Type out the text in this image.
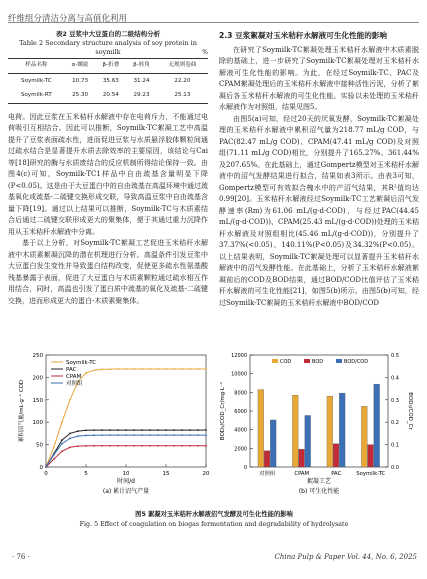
纤维组分清洁分离与高值化利用
表2 豆浆中大豆蛋白的二级结构分析
Table 2 Secondary structure analysis of soy protein in soymilk	%
样品名称	α-螺旋	β-折叠	β-转角	无规则卷曲
Soymilk-TC	10.73	35.63	31.24	22.20
Soymilk-RT	25.30	20.54	29.23	25.13

电荷。因此豆浆在玉米秸秆水解液中存在电荷斥力，不能通过电荷吸引互相结合。因此可以推断，Soymilk-TC絮凝工艺中高温提升了豆浆表面疏水性，进而促进豆浆与水质悬浮胶体颗粒间通过疏水结合是显著提升水质去除效率的主要原因，该结论与Cai等[18]研究的酶与水质废结合的反应机制所得结论保持一致。由图4(c)可知，Soymilk-TC1样品中自由巯基含量明显下降(P<0.05)。这是由于大豆蛋白中的自由巯基在高温环境中通过巯基氧化或巯基-二硫键交换形成交联，导致高温豆浆中自由巯基含量下降[19]。通过以上结果可以推断，Soymilk-TC与木质素结合后通过二硫键交联形成更大的聚集体，便于其通过重力沉降作用从玉米秸秆水解液中分离。

基于以上分析，对Soymilk-TC絮凝工艺促进玉米秸秆水解液中木质素絮凝沉降的潜在机理进行分析。高温条件引发豆浆中大豆蛋白发生变性并导致蛋白结构改变，促使更多疏水性氨基酸残基暴露于表面，促进了大豆蛋白与木质素颗粒通过疏水相互作用结合，同时，高温也引发了蛋白质中巯基的氧化及巯基-二硫键交换，进而形成更大的蛋白-木质素聚集体。

2.3 豆浆絮凝对玉米秸秆水解液可生化性能的影响

在研究了Soymilk-TC絮凝处理玉米秸秆水解液中木质素脱除的基础上，进一步研究了Soymilk-TC絮凝处理对玉米秸秆水解液可生化性能的影响。为此，在经过Soymilk-TC、PAC及CPAM絮凝处理后的玉米秸秆水解液中接种活性污泥，分析了絮凝后各玉米秸秆水解液的可生化性能。实验以未处理的玉米秸秆水解液作为对照组，结果见图5。

由图5(a)可知，经过20天的厌氧发酵，Soymilk-TC絮凝处理的玉米秸秆水解液中累积沼气量为218.77 mL/g COD，与PAC(82.47 mL/g COD)、CPAM(47.41 mL/g COD)及对照组(71.11 mL/g COD)相比，分别提升了165.27%、361.44%及207.65%。在此基础上，通过Gompertz模型对玉米秸秆水解液中的沼气发酵结果进行拟合，结果如表3所示。由表3可知，Gompertz模型可有效拟合槐水中的产沼气结果，其R²值均达0.99[20]。玉米秸秆水解液经过Soymilk-TC工艺絮凝后沼气发酵速率(Rm)为61.06 mL/(g·d·COD)，与经过PAC(44.45 mL/(g·d·COD))、CPAM(25.43 mL/(g·d·COD))处理的玉米秸秆水解液及对照组相比(45.46 mL/(g·d·COD))，分别提升了37.37%(<0.05)、140.11%(P<0.05)及34.32%(P<0.05)。以上结果表明，Soymilk-TC絮凝处理可以显著提升玉米秸秆水解液中的沼气发酵性能。在此基础上，分析了玉米秸秆水解液絮凝前后的COD及BOD结果，通过BOD/COD比值评估了玉米秸秆水解液的可生化性能[21]，如图5(b)所示。由图5(b)可知，经过Soymilk-TC絮凝的玉米秸秆水解液中BOD/COD

0
50
100
150
200
250
0	5	10	15	20
时间/d
累积沼气量/mL·g⁻¹ COD
Soymilk-TC
PAC
CPAM
对照组
(a) 累计沼气产量
0
2000
4000
6000
8000
10000
12000
0.0
0.1
0.2
0.3
0.4
0.5
BOD₅/COD_Cr/mg·L⁻¹	BOD₅/COD_Cr
对照组	CPAM	PAC	Soymilk-TC
絮凝工艺
COD	BOD	BOD/COD
(b) 可生化性能
图5 絮凝对玉米秸秆水解液沼气发酵及可生化性能的影响
Fig. 5 Effect of coagulation on biogas fermentation and degradability of hydrolysate
· 76 ·	China Pulp & Paper Vol. 44, No. 6, 2025
